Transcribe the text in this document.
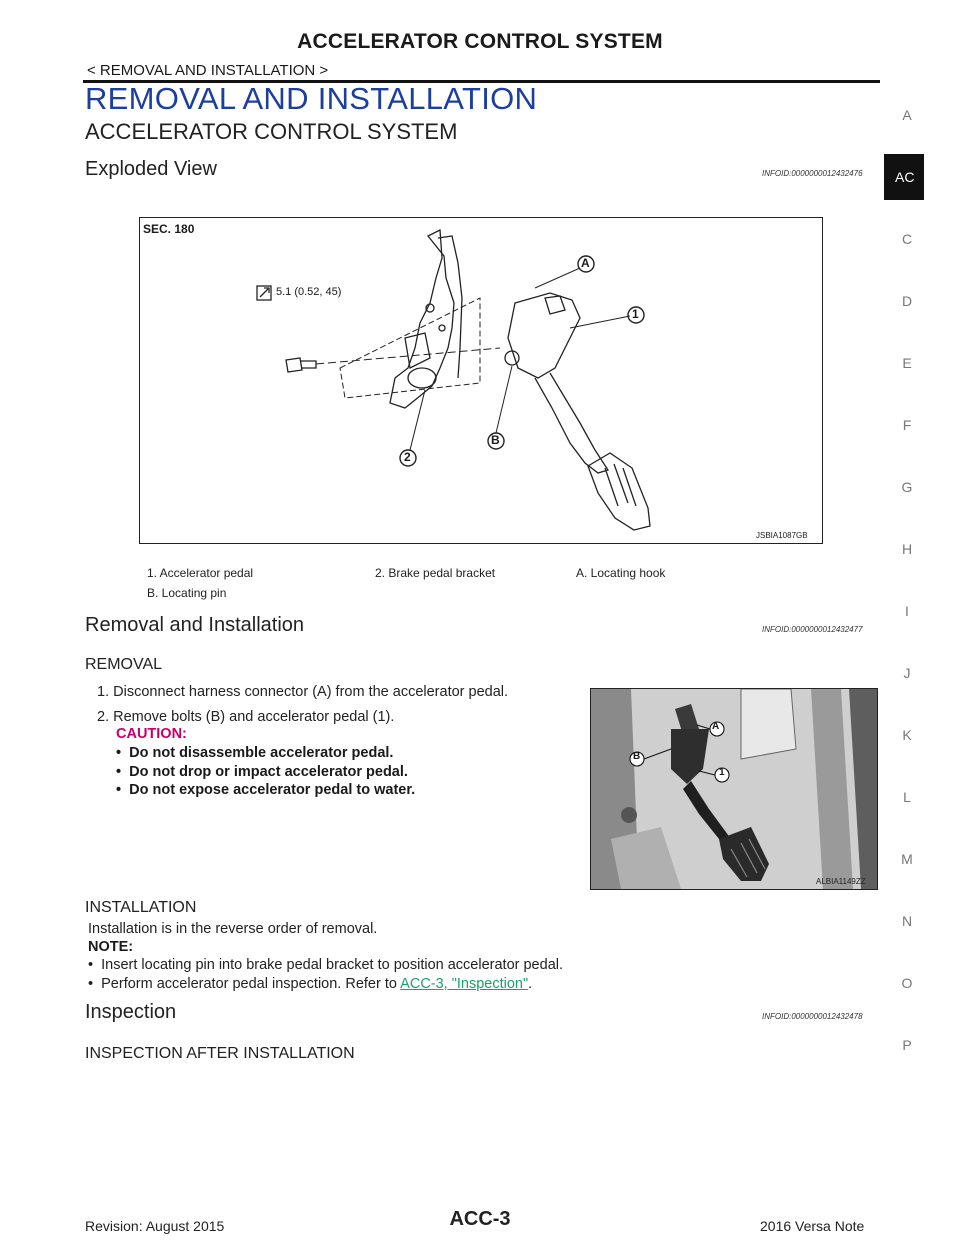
ACCELERATOR CONTROL SYSTEM
< REMOVAL AND INSTALLATION >
REMOVAL AND INSTALLATION
ACCELERATOR CONTROL SYSTEM
A
AC
C
D
E
F
G
H
I
J
K
L
M
N
O
P
Exploded View	INFOID:0000000012432476
SEC. 180
5.1 (0.52, 45)
A
1
B
2
JSBIA1087GB
1. Accelerator pedal	2. Brake pedal bracket	A. Locating hook
B. Locating pin
Removal and Installation	INFOID:0000000012432477
REMOVAL
1. Disconnect harness connector (A) from the accelerator pedal.
2. Remove bolts (B) and accelerator pedal (1).
CAUTION:
•  Do not disassemble accelerator pedal.
•  Do not drop or impact accelerator pedal.
•  Do not expose accelerator pedal to water.
A
B
1
ALBIA1149ZZ
INSTALLATION
Installation is in the reverse order of removal.
NOTE:
•  Insert locating pin into brake pedal bracket to position accelerator pedal.
•  Perform accelerator pedal inspection. Refer to ACC-3, "Inspection".
Inspection	INFOID:0000000012432478
INSPECTION AFTER INSTALLATION
Revision: August 2015	ACC-3	2016 Versa Note
